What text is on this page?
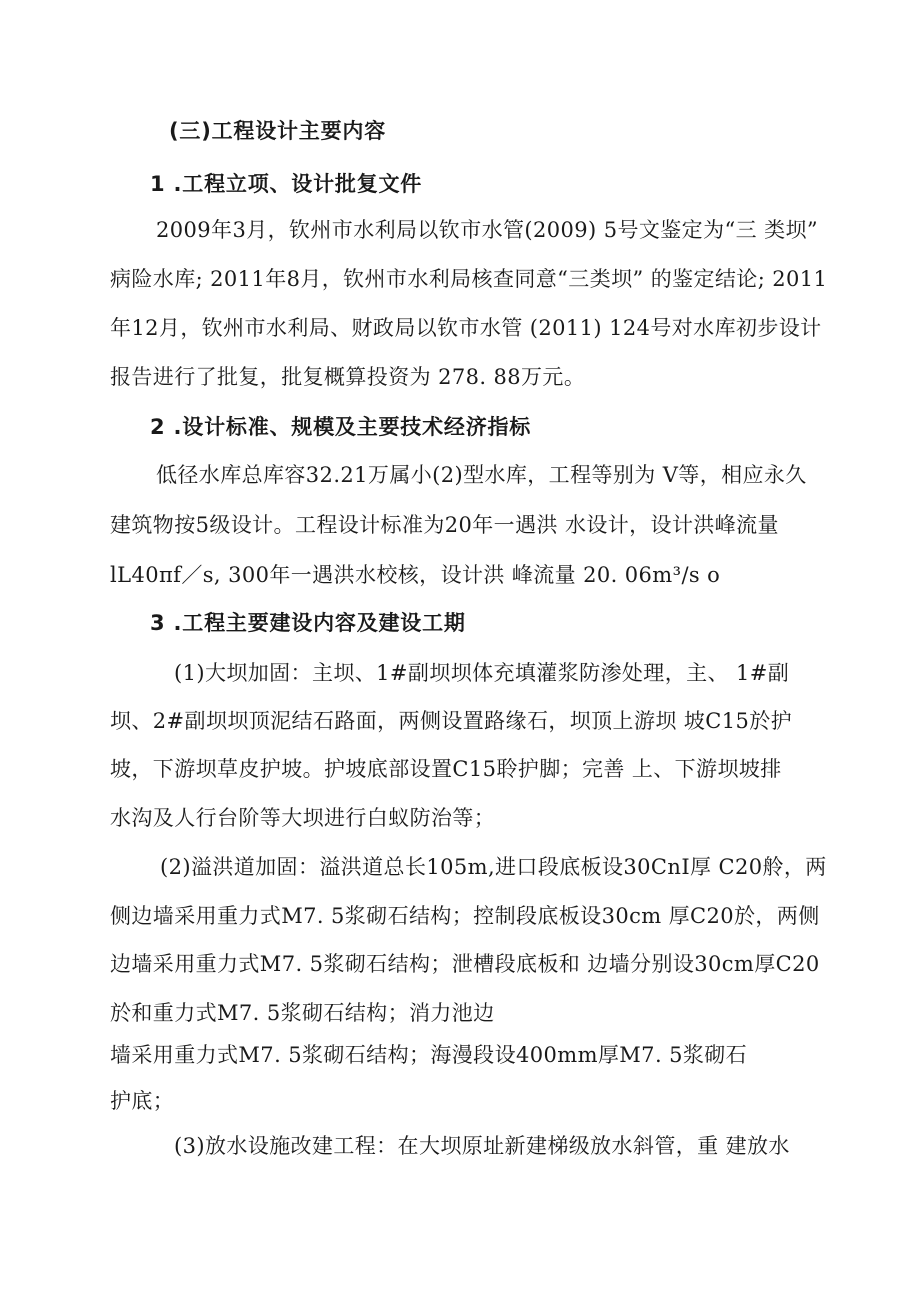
(三)工程设计主要内容
1 .工程立项、设计批复文件
2009年3月，钦州市水利局以钦市水管(2009) 5号文鉴定为“三 类坝”
病险水库; 2011年8月，钦州市水利局核查同意“三类坝” 的鉴定结论; 2011
年12月，钦州市水利局、财政局以钦市水管 (2011) 124号对水库初步设计
报告进行了批复，批复概算投资为 278. 88万元。
2 .设计标准、规模及主要技术经济指标
低径水库总库容32.21万属小(2)型水库，工程等别为 V等，相应永久
建筑物按5级设计。工程设计标准为20年一遇洪 水设计，设计洪峰流量
lL40πf／s, 300年一遇洪水校核，设计洪 峰流量 20. 06m³/s o
3 .工程主要建设内容及建设工期
(1)大坝加固：主坝、1#副坝坝体充填灌浆防渗处理，主、 1#副
坝、2#副坝坝顶泥结石路面，两侧设置路缘石，坝顶上游坝 坡C15於护
坡，下游坝草皮护坡。护坡底部设置C15聆护脚；完善 上、下游坝坡排
水沟及人行台阶等大坝进行白蚁防治等；
(2)溢洪道加固：溢洪道总长105m,进口段底板设30CnI厚 C20舲，两
侧边墙采用重力式M7. 5浆砌石结构；控制段底板设30cm 厚C20於，两侧
边墙采用重力式M7. 5浆砌石结构；泄槽段底板和 边墙分别设30cm厚C20
於和重力式M7. 5浆砌石结构；消力池边
墙采用重力式M7. 5浆砌石结构；海漫段设400mm厚M7. 5浆砌石
护底；
(3)放水设施改建工程：在大坝原址新建梯级放水斜管，重 建放水
